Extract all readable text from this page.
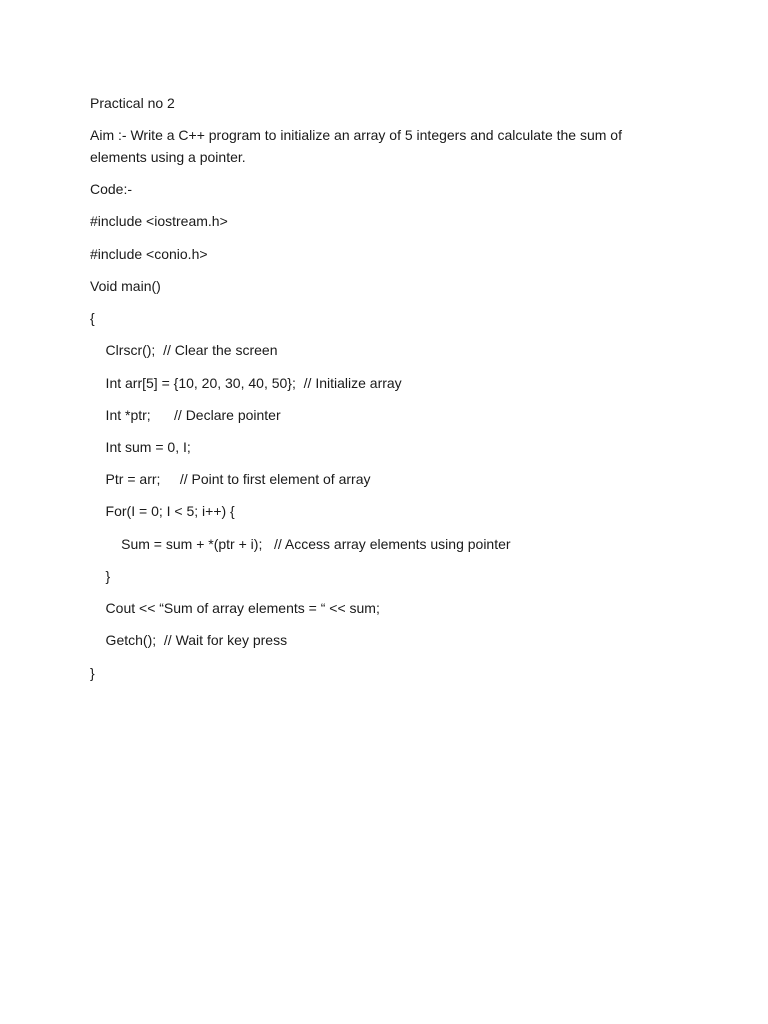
Practical no 2

Aim :- Write a C++ program to initialize an array of 5 integers and calculate the sum of elements using a pointer.

Code:-

#include <iostream.h>

#include <conio.h>

Void main()

{

Clrscr();  // Clear the screen

Int arr[5] = {10, 20, 30, 40, 50};  // Initialize array

Int *ptr;      // Declare pointer

Int sum = 0, I;

Ptr = arr;     // Point to first element of array

For(I = 0; I < 5; i++) {

Sum = sum + *(ptr + i);   // Access array elements using pointer

}

Cout << “Sum of array elements = “ << sum;

Getch();  // Wait for key press

}
